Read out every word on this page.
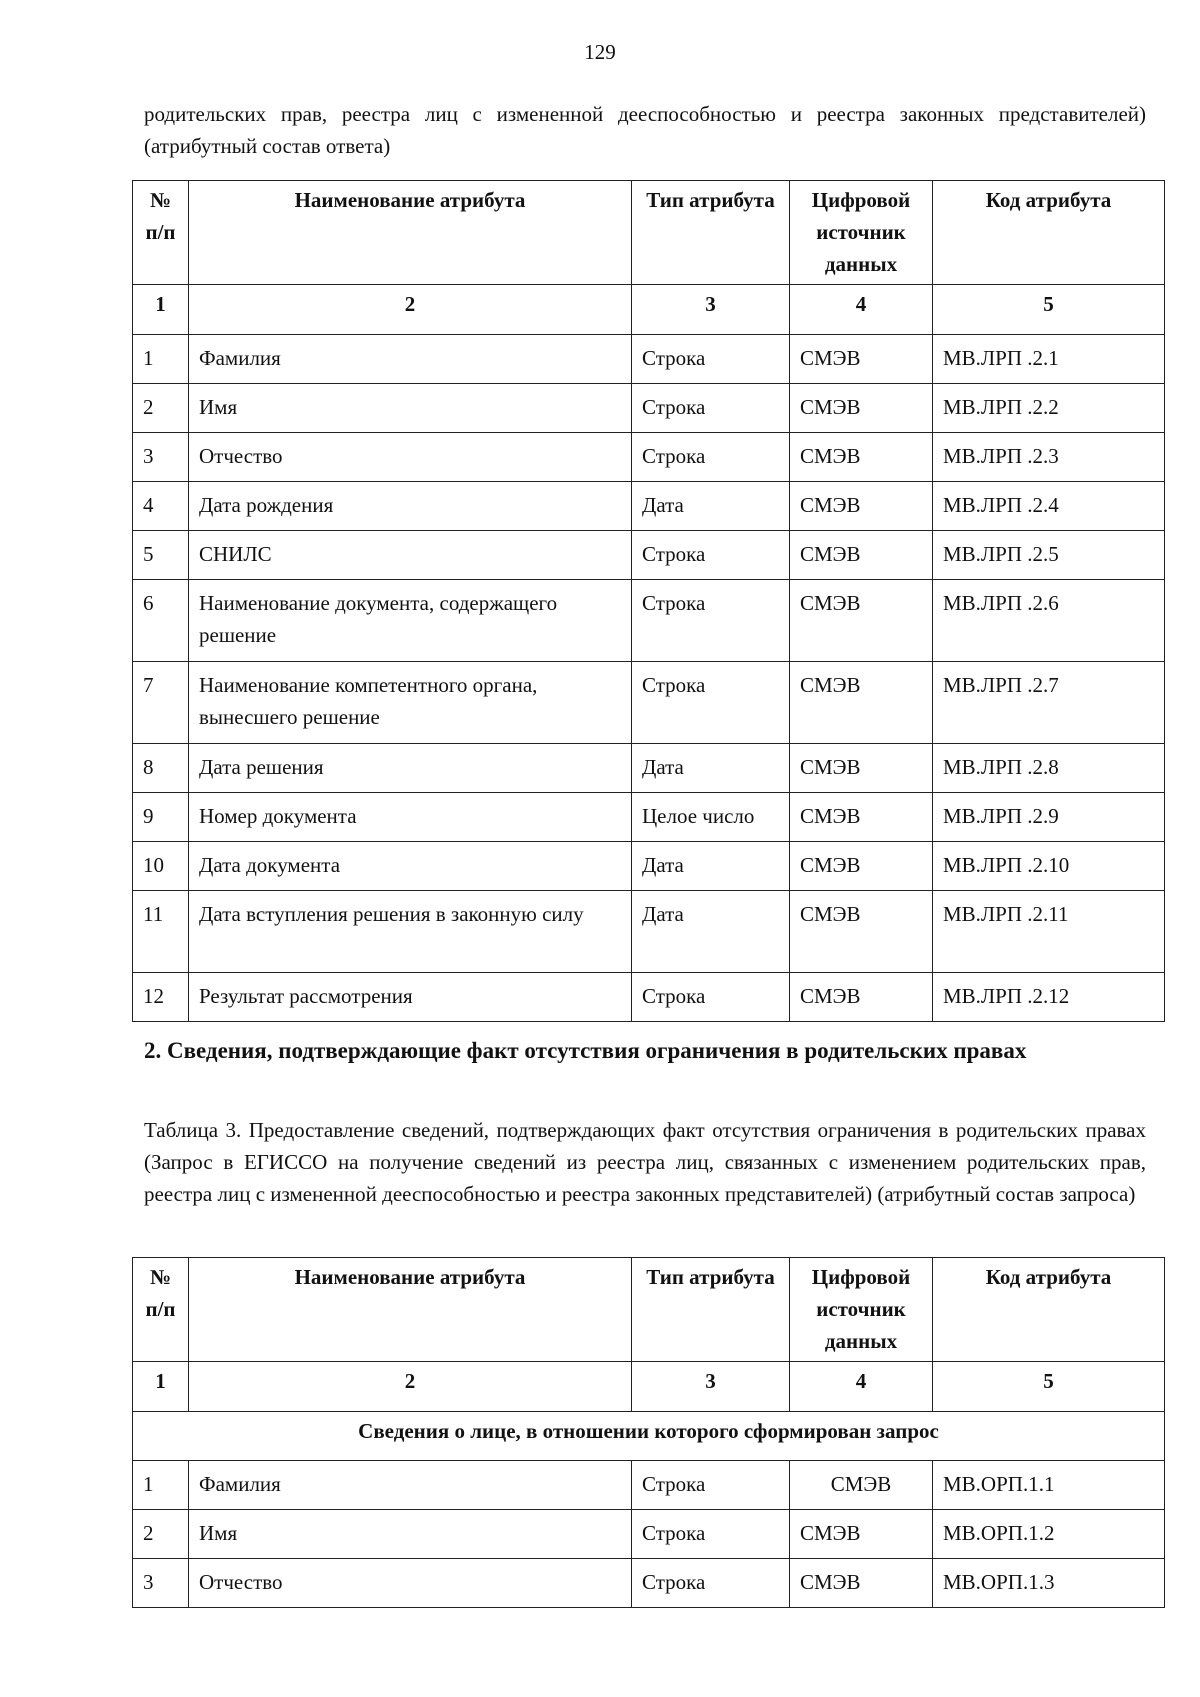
129
родительских прав, реестра лиц с измененной дееспособностью и реестра законных представителей) (атрибутный состав ответа)
№ п/п	Наименование атрибута	Тип атрибута	Цифровой источник данных	Код атрибута
1	2	3	4	5
1	Фамилия	Строка	СМЭВ	МВ.ЛРП .2.1
2	Имя	Строка	СМЭВ	МВ.ЛРП .2.2
3	Отчество	Строка	СМЭВ	МВ.ЛРП .2.3
4	Дата рождения	Дата	СМЭВ	МВ.ЛРП .2.4
5	СНИЛС	Строка	СМЭВ	МВ.ЛРП .2.5
6	Наименование документа, содержащего решение	Строка	СМЭВ	МВ.ЛРП .2.6
7	Наименование компетентного органа, вынесшего решение	Строка	СМЭВ	МВ.ЛРП .2.7
8	Дата решения	Дата	СМЭВ	МВ.ЛРП .2.8
9	Номер документа	Целое число	СМЭВ	МВ.ЛРП .2.9
10	Дата документа	Дата	СМЭВ	МВ.ЛРП .2.10
11	Дата вступления решения в законную силу	Дата	СМЭВ	МВ.ЛРП .2.11
12	Результат рассмотрения	Строка	СМЭВ	МВ.ЛРП .2.12
2. Сведения, подтверждающие факт отсутствия ограничения в родительских правах
Таблица 3. Предоставление сведений, подтверждающих факт отсутствия ограничения в родительских правах (Запрос в ЕГИССО на получение сведений из реестра лиц, связанных с изменением родительских прав, реестра лиц с измененной дееспособностью и реестра законных представителей) (атрибутный состав запроса)
№ п/п	Наименование атрибута	Тип атрибута	Цифровой источник данных	Код атрибута
1	2	3	4	5
Сведения о лице, в отношении которого сформирован запрос				
1	Фамилия	Строка	СМЭВ	МВ.ОРП.1.1
2	Имя	Строка	СМЭВ	МВ.ОРП.1.2
3	Отчество	Строка	СМЭВ	МВ.ОРП.1.3
